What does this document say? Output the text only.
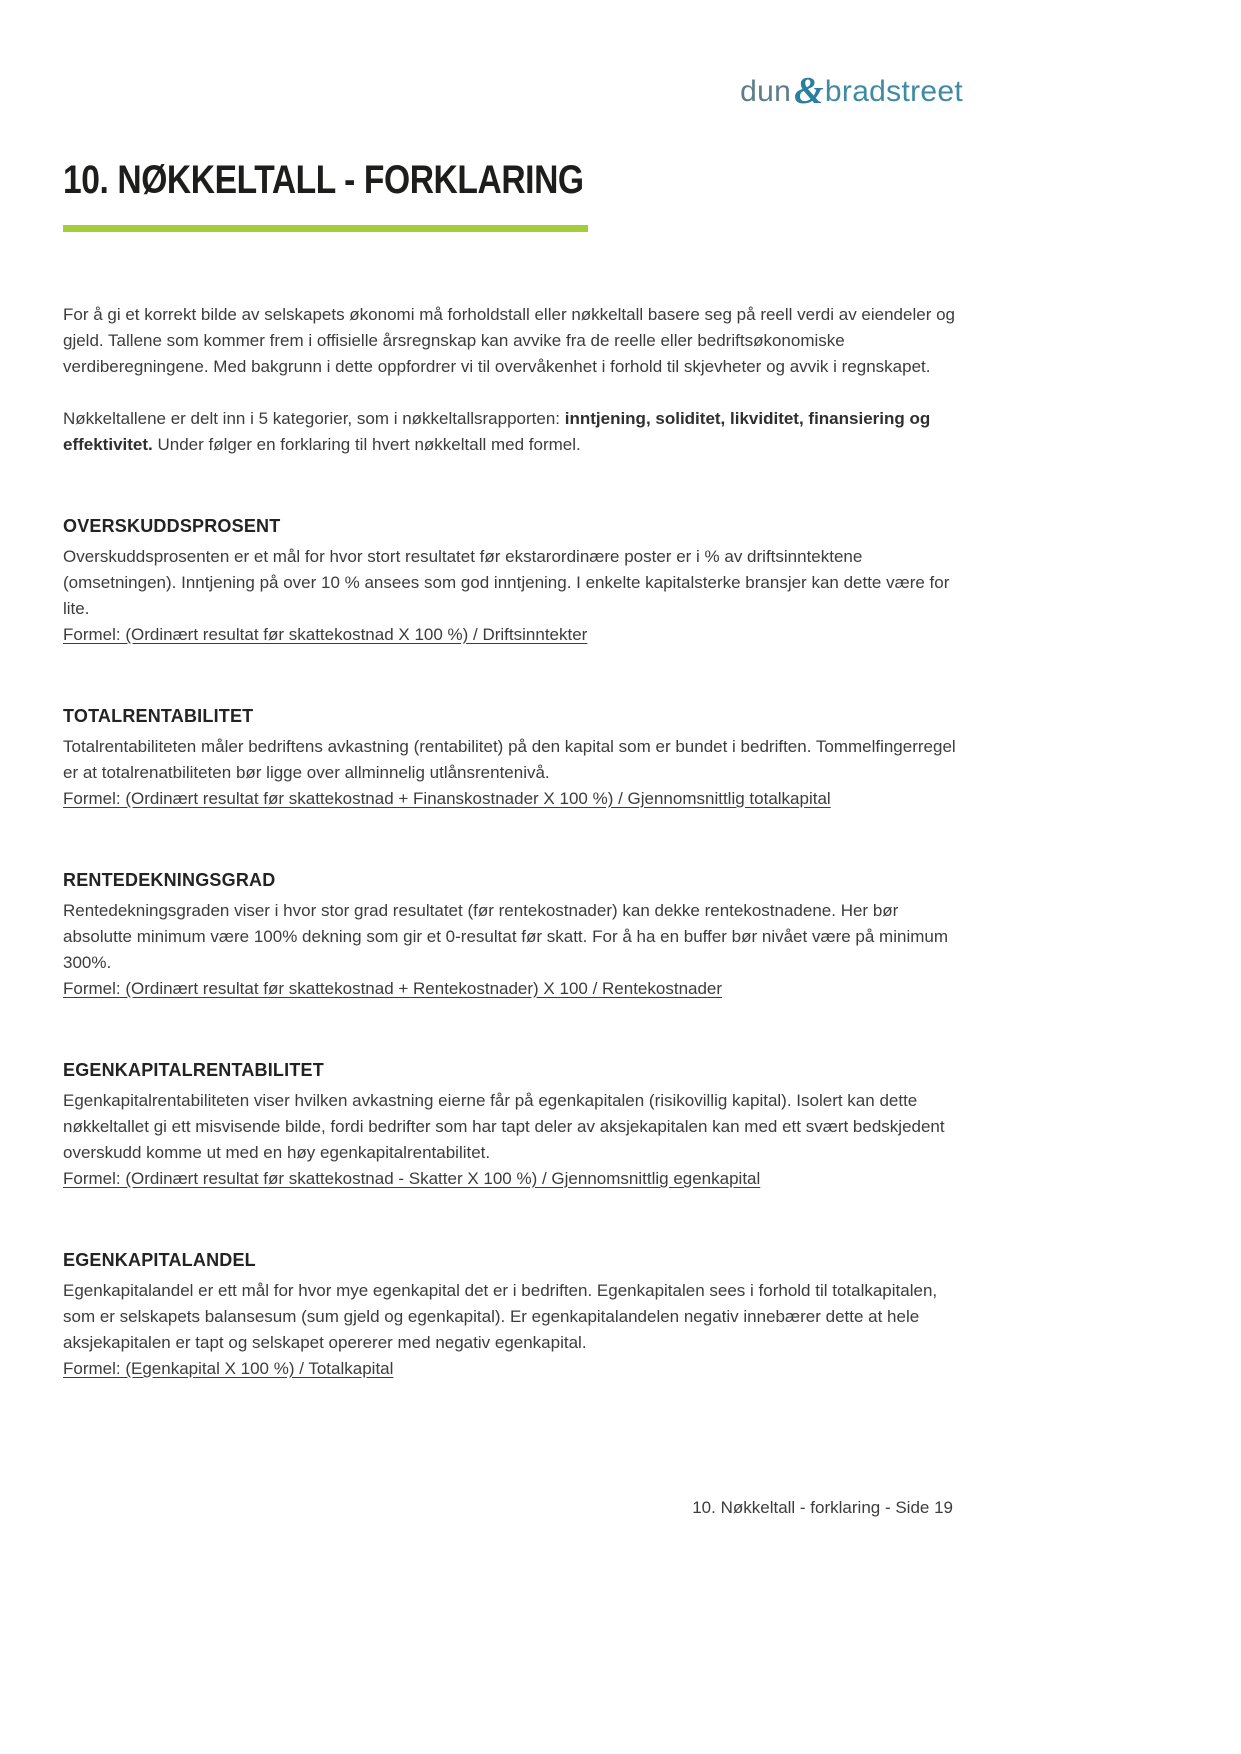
dun&bradstreet
10. NØKKELTALL - FORKLARING

For å gi et korrekt bilde av selskapets økonomi må forholdstall eller nøkkeltall basere seg på reell verdi av eiendeler og gjeld. Tallene som kommer frem i offisielle årsregnskap kan avvike fra de reelle eller bedriftsøkonomiske verdiberegningene. Med bakgrunn i dette oppfordrer vi til overvåkenhet i forhold til skjevheter og avvik i regnskapet.

Nøkkeltallene er delt inn i 5 kategorier, som i nøkkeltallsrapporten: inntjening, soliditet, likviditet, finansiering og effektivitet. Under følger en forklaring til hvert nøkkeltall med formel.

OVERSKUDDSPROSENT

Overskuddsprosenten er et mål for hvor stort resultatet før ekstarordinære poster er i % av driftsinntektene (omsetningen). Inntjening på over 10 % ansees som god inntjening. I enkelte kapitalsterke bransjer kan dette være for lite.

Formel: (Ordinært resultat før skattekostnad X 100 %) / Driftsinntekter
TOTALRENTABILITET

Totalrentabiliteten måler bedriftens avkastning (rentabilitet) på den kapital som er bundet i bedriften. Tommelfingerregel er at totalrenatbiliteten bør ligge over allminnelig utlånsrentenivå.

Formel: (Ordinært resultat før skattekostnad + Finanskostnader X 100 %) / Gjennomsnittlig totalkapital
RENTEDEKNINGSGRAD

Rentedekningsgraden viser i hvor stor grad resultatet (før rentekostnader) kan dekke rentekostnadene. Her bør absolutte minimum være 100% dekning som gir et 0-resultat før skatt. For å ha en buffer bør nivået være på minimum 300%.

Formel: (Ordinært resultat før skattekostnad + Rentekostnader) X 100 / Rentekostnader
EGENKAPITALRENTABILITET

Egenkapitalrentabiliteten viser hvilken avkastning eierne får på egenkapitalen (risikovillig kapital). Isolert kan dette nøkkeltallet gi ett misvisende bilde, fordi bedrifter som har tapt deler av aksjekapitalen kan med ett svært bedskjedent overskudd komme ut med en høy egenkapitalrentabilitet.

Formel: (Ordinært resultat før skattekostnad - Skatter X 100 %) / Gjennomsnittlig egenkapital
EGENKAPITALANDEL

Egenkapitalandel er ett mål for hvor mye egenkapital det er i bedriften. Egenkapitalen sees i forhold til totalkapitalen, som er selskapets balansesum (sum gjeld og egenkapital). Er egenkapitalandelen negativ innebærer dette at hele aksjekapitalen er tapt og selskapet opererer med negativ egenkapital.

Formel: (Egenkapital X 100 %) / Totalkapital
10. Nøkkeltall - forklaring - Side 19
